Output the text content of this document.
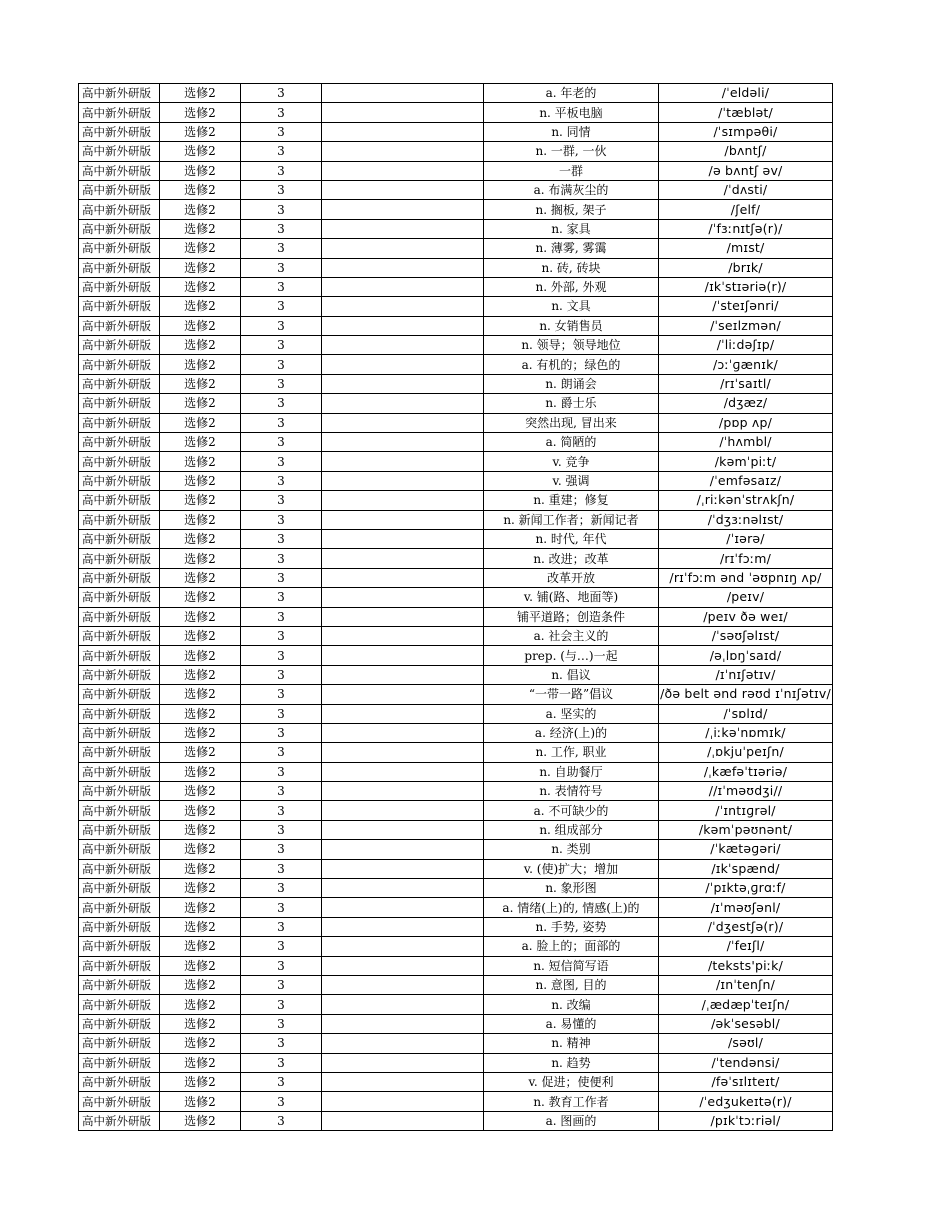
高中新外研版	选修2	3		a. 年老的	/ˈeldəli/
高中新外研版	选修2	3		n. 平板电脑	/ˈtæblət/
高中新外研版	选修2	3		n. 同情	/ˈsɪmpəθi/
高中新外研版	选修2	3		n. 一群, 一伙	/bʌntʃ/
高中新外研版	选修2	3		一群	/ə bʌntʃ əv/
高中新外研版	选修2	3		a. 布满灰尘的	/ˈdʌsti/
高中新外研版	选修2	3		n. 搁板, 架子	/ʃelf/
高中新外研版	选修2	3		n. 家具	/ˈfɜːnɪtʃə(r)/
高中新外研版	选修2	3		n. 薄雾, 雾霭	/mɪst/
高中新外研版	选修2	3		n. 砖, 砖块	/brɪk/
高中新外研版	选修2	3		n. 外部, 外观	/ɪkˈstɪəriə(r)/
高中新外研版	选修2	3		n. 文具	/ˈsteɪʃənri/
高中新外研版	选修2	3		n. 女销售员	/ˈseɪlzmən/
高中新外研版	选修2	3		n. 领导；领导地位	/ˈliːdəʃɪp/
高中新外研版	选修2	3		a. 有机的；绿色的	/ɔːˈɡænɪk/
高中新外研版	选修2	3		n. 朗诵会	/rɪˈsaɪtl/
高中新外研版	选修2	3		n. 爵士乐	/dʒæz/
高中新外研版	选修2	3		突然出现, 冒出来	/pɒp ʌp/
高中新外研版	选修2	3		a. 简陋的	/ˈhʌmbl/
高中新外研版	选修2	3		v. 竞争	/kəmˈpiːt/
高中新外研版	选修2	3		v. 强调	/ˈemfəsaɪz/
高中新外研版	选修2	3		n. 重建；修复	/ˌriːkənˈstrʌkʃn/
高中新外研版	选修2	3		n. 新闻工作者；新闻记者	/ˈdʒɜːnəlɪst/
高中新外研版	选修2	3		n. 时代, 年代	/ˈɪərə/
高中新外研版	选修2	3		n. 改进；改革	/rɪˈfɔːm/
高中新外研版	选修2	3		改革开放	/rɪˈfɔːm ənd ˈəʊpnɪŋ ʌp/
高中新外研版	选修2	3		v. 铺(路、地面等)	/peɪv/
高中新外研版	选修2	3		铺平道路；创造条件	/peɪv ðə weɪ/
高中新外研版	选修2	3		a. 社会主义的	/ˈsəʊʃəlɪst/
高中新外研版	选修2	3		prep. (与…)一起	/əˌlɒŋˈsaɪd/
高中新外研版	选修2	3		n. 倡议	/ɪˈnɪʃətɪv/
高中新外研版	选修2	3		“一带一路”倡议	/ðə belt ənd rəʊd ɪˈnɪʃətɪv/
高中新外研版	选修2	3		a. 坚实的	/ˈsɒlɪd/
高中新外研版	选修2	3		a. 经济(上)的	/ˌiːkəˈnɒmɪk/
高中新外研版	选修2	3		n. 工作, 职业	/ˌɒkjuˈpeɪʃn/
高中新外研版	选修2	3		n. 自助餐厅	/ˌkæfəˈtɪəriə/
高中新外研版	选修2	3		n. 表情符号	//ɪˈməʊdʒi//
高中新外研版	选修2	3		a. 不可缺少的	/ˈɪntɪɡrəl/
高中新外研版	选修2	3		n. 组成部分	/kəmˈpəʊnənt/
高中新外研版	选修2	3		n. 类别	/ˈkætəɡəri/
高中新外研版	选修2	3		v. (使)扩大；增加	/ɪkˈspænd/
高中新外研版	选修2	3		n. 象形图	/ˈpɪktəˌɡrɑːf/
高中新外研版	选修2	3		a. 情绪(上)的, 情感(上)的	/ɪˈməʊʃənl/
高中新外研版	选修2	3		n. 手势, 姿势	/ˈdʒestʃə(r)/
高中新外研版	选修2	3		a. 脸上的；面部的	/ˈfeɪʃl/
高中新外研版	选修2	3		n. 短信简写语	/teksts'piːk/
高中新外研版	选修2	3		n. 意图, 目的	/ɪnˈtenʃn/
高中新外研版	选修2	3		n. 改编	/ˌædæpˈteɪʃn/
高中新外研版	选修2	3		a. 易懂的	/əkˈsesəbl/
高中新外研版	选修2	3		n. 精神	/səʊl/
高中新外研版	选修2	3		n. 趋势	/ˈtendənsi/
高中新外研版	选修2	3		v. 促进；使便利	/fəˈsɪlɪteɪt/
高中新外研版	选修2	3		n. 教育工作者	/ˈedʒukeɪtə(r)/
高中新外研版	选修2	3		a. 图画的	/pɪkˈtɔːriəl/
